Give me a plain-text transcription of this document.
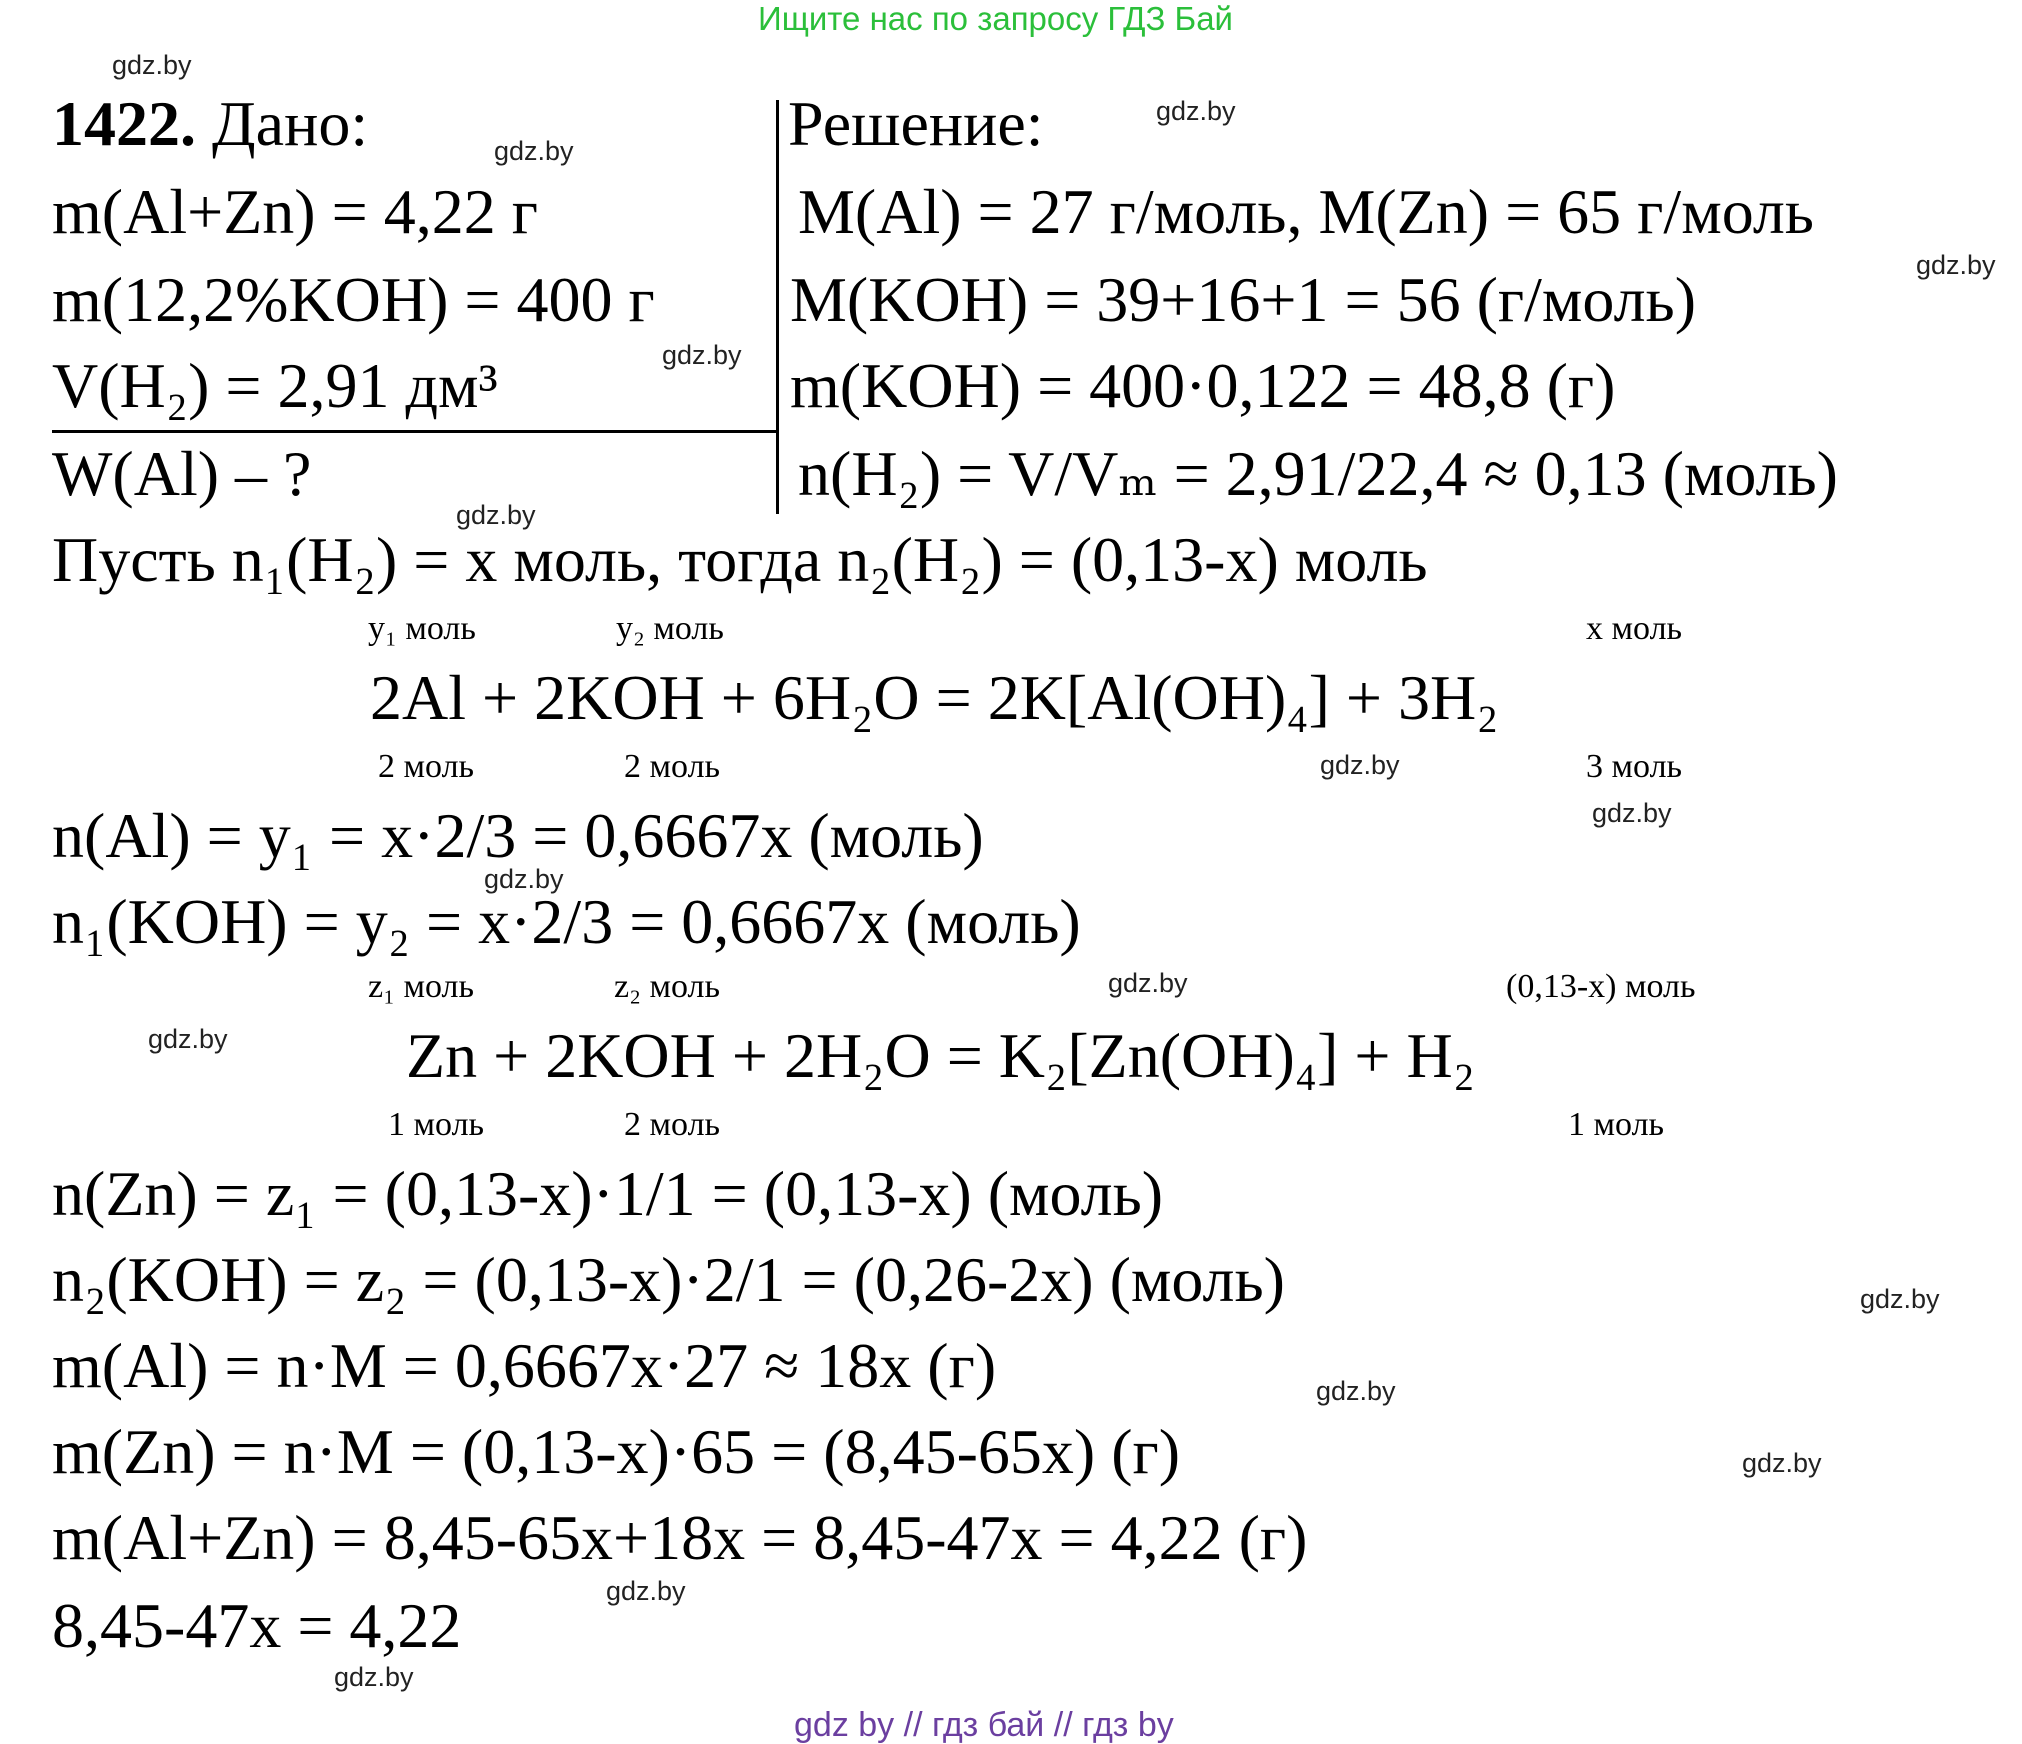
Ищите нас по запросу ГДЗ Бай
1422. Дано:	Решение:
m(Al+Zn) = 4,22 г
m(12,2%KOH) = 400 г
V(H₂) = 2,91 дм³
W(Al) – ?
M(Al) = 27 г/моль, M(Zn) = 65 г/моль
M(KOH) = 39+16+1 = 56 (г/моль)
m(KOH) = 400·0,122 = 48,8 (г)
n(H₂) = V/Vₘ = 2,91/22,4 ≈ 0,13 (моль)
Пусть n₁(H₂) = x моль, тогда n₂(H₂) = (0,13-x) моль
y₁ моль	y₂ моль	x моль
2Al + 2KOH + 6H₂O = 2K[Al(OH)₄] + 3H₂
2 моль	2 моль	3 моль
n(Al) = y₁ = x·2/3 = 0,6667x (моль)
n₁(KOH) = y₂ = x·2/3 = 0,6667x (моль)
z₁ моль	z₂ моль	(0,13-x) моль
Zn + 2KOH + 2H₂O = K₂[Zn(OH)₄] + H₂
1 моль	2 моль	1 моль
n(Zn) = z₁ = (0,13-x)·1/1 = (0,13-x) (моль)
n₂(KOH) = z₂ = (0,13-x)·2/1 = (0,26-2x) (моль)
m(Al) = n·M = 0,6667x·27 ≈ 18x (г)
m(Zn) = n·M = (0,13-x)·65 = (8,45-65x) (г)
m(Al+Zn) = 8,45-65x+18x = 8,45-47x = 4,22 (г)
8,45-47x = 4,22
gdz.by
gdz.by
gdz.by
gdz.by
gdz.by
gdz.by
gdz.by
gdz.by
gdz.by
gdz.by
gdz.by
gdz.by
gdz.by
gdz.by
gdz.by
gdz.by
gdz by // гдз бай // гдз by
